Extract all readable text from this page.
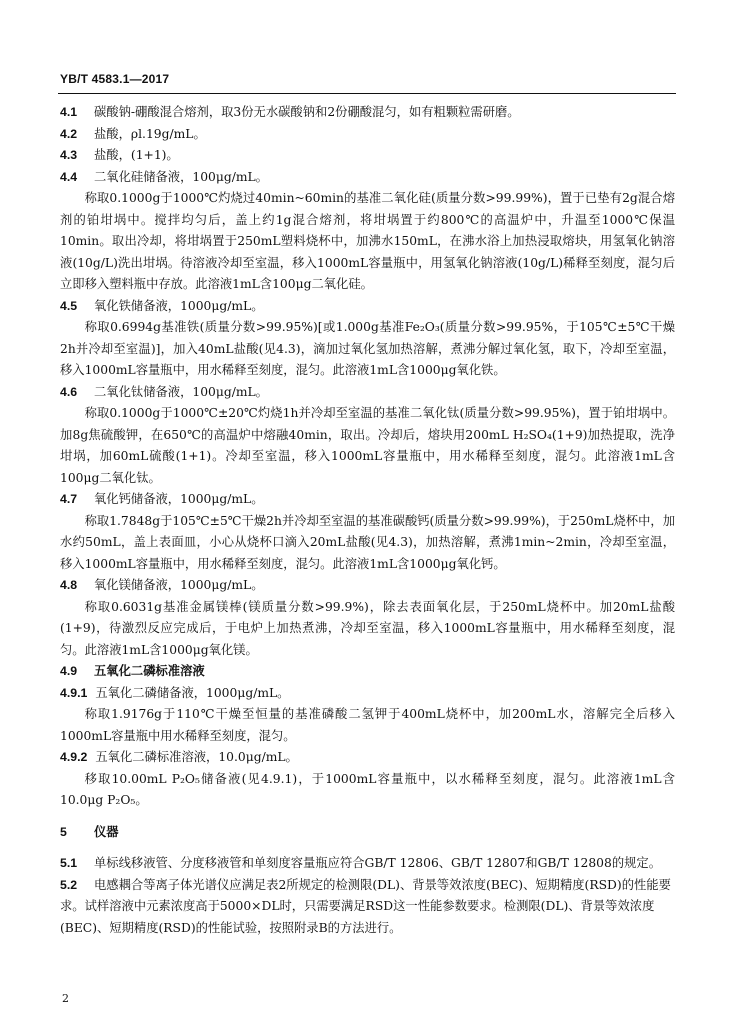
YB/T 4583.1—2017
4.1 碳酸钠-硼酸混合熔剂，取3份无水碳酸钠和2份硼酸混匀，如有粗颗粒需研磨。
4.2 盐酸，ρl.19g/mL。
4.3 盐酸，(1+1)。
4.4 二氧化硅储备液，100μg/mL。
称取0.1000g于1000℃灼烧过40min~60min的基准二氧化硅(质量分数>99.99%)，置于已垫有2g混合熔剂的铂坩埚中。搅拌均匀后，盖上约1g混合熔剂，将坩埚置于约800℃的高温炉中，升温至1000℃保温10min。取出冷却，将坩埚置于250mL塑料烧杯中，加沸水150mL，在沸水浴上加热浸取熔块，用氢氧化钠溶液(10g/L)洗出坩埚。待溶液冷却至室温，移入1000mL容量瓶中，用氢氧化钠溶液(10g/L)稀释至刻度，混匀后立即移入塑料瓶中存放。此溶液1mL含100μg二氧化硅。
4.5 氧化铁储备液，1000μg/mL。
称取0.6994g基准铁(质量分数>99.95%)[或1.000g基准Fe₂O₃(质量分数>99.95%，于105℃±5℃干燥2h并冷却至室温)]，加入40mL盐酸(见4.3)，滴加过氧化氢加热溶解，煮沸分解过氧化氢，取下，冷却至室温，移入1000mL容量瓶中，用水稀释至刻度，混匀。此溶液1mL含1000μg氧化铁。
4.6 二氧化钛储备液，100μg/mL。
称取0.1000g于1000℃±20℃灼烧1h并冷却至室温的基准二氧化钛(质量分数>99.95%)，置于铂坩埚中。加8g焦硫酸钾，在650℃的高温炉中熔融40min，取出。冷却后，熔块用200mL H₂SO₄(1+9)加热提取，洗净坩埚，加60mL硫酸(1+1)。冷却至室温，移入1000mL容量瓶中，用水稀释至刻度，混匀。此溶液1mL含100μg二氧化钛。
4.7 氧化钙储备液，1000μg/mL。
称取1.7848g于105℃±5℃干燥2h并冷却至室温的基准碳酸钙(质量分数>99.99%)，于250mL烧杯中，加水约50mL，盖上表面皿，小心从烧杯口滴入20mL盐酸(见4.3)，加热溶解，煮沸1min~2min，冷却至室温，移入1000mL容量瓶中，用水稀释至刻度，混匀。此溶液1mL含1000μg氧化钙。
4.8 氧化镁储备液，1000μg/mL。
称取0.6031g基准金属镁棒(镁质量分数>99.9%)，除去表面氧化层，于250mL烧杯中。加20mL盐酸(1+9)，待激烈反应完成后，于电炉上加热煮沸，冷却至室温，移入1000mL容量瓶中，用水稀释至刻度，混匀。此溶液1mL含1000μg氧化镁。
4.9 五氧化二磷标准溶液
4.9.1 五氧化二磷储备液，1000μg/mL。
称取1.9176g于110℃干燥至恒量的基准磷酸二氢钾于400mL烧杯中，加200mL水，溶解完全后移入1000mL容量瓶中用水稀释至刻度，混匀。
4.9.2 五氧化二磷标准溶液，10.0μg/mL。
移取10.00mL P₂O₅储备液(见4.9.1)，于1000mL容量瓶中，以水稀释至刻度，混匀。此溶液1mL含10.0μg P₂O₅。
5 仪器
5.1 单标线移液管、分度移液管和单刻度容量瓶应符合GB/T 12806、GB/T 12807和GB/T 12808的规定。
5.2 电感耦合等离子体光谱仪应满足表2所规定的检测限(DL)、背景等效浓度(BEC)、短期精度(RSD)的性能要求。试样溶液中元素浓度高于5000×DL时，只需要满足RSD这一性能参数要求。检测限(DL)、背景等效浓度(BEC)、短期精度(RSD)的性能试验，按照附录B的方法进行。
2
